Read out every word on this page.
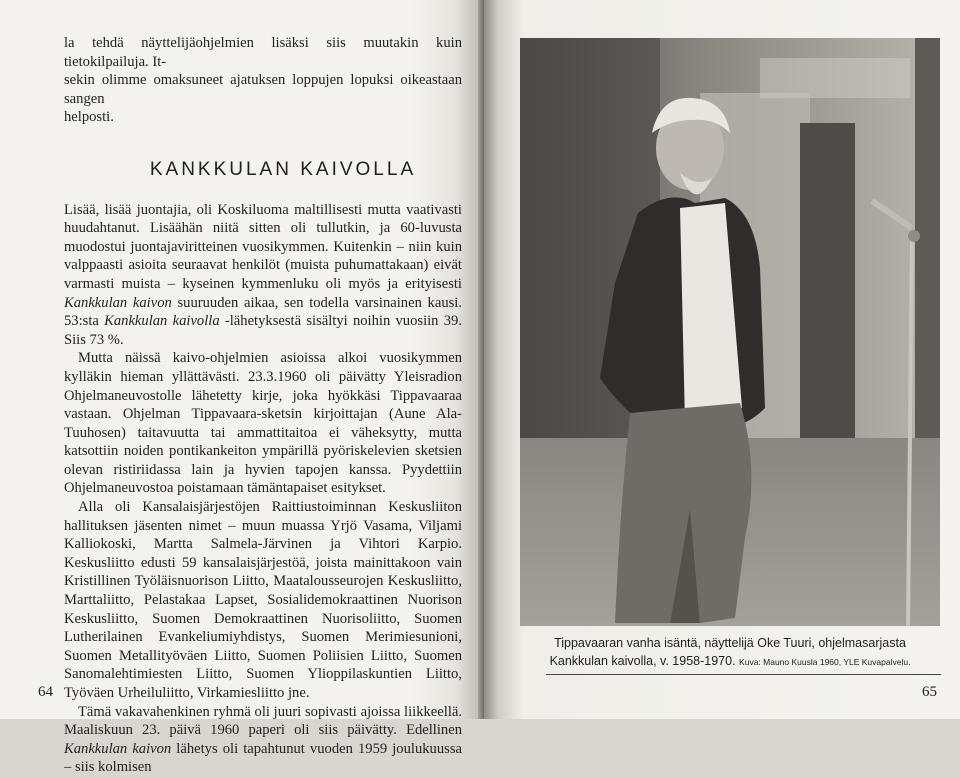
la tehdä näyttelijäohjelmien lisäksi siis muutakin kuin tietokilpailuja. It-

sekin olimme omaksuneet ajatuksen loppujen lopuksi oikeastaan sangen

helposti.

KANKKULAN KAIVOLLA

Lisää, lisää juontajia, oli Koskiluoma maltillisesti mutta vaativasti huudahtanut. Lisäähän niitä sitten oli tullutkin, ja 60-luvusta muodostui juontajaviritteinen vuosikymmen. Kuitenkin – niin kuin valppaasti asioita seuraavat henkilöt (muista puhumattakaan) eivät varmasti muista – kyseinen kymmenluku oli myös ja erityisesti Kankkulan kaivon suuruuden aikaa, sen todella varsinainen kausi. 53:sta Kankkulan kaivolla -lähetyksestä sisältyi noihin vuosiin 39. Siis 73 %.

Mutta näissä kaivo-ohjelmien asioissa alkoi vuosikymmen kylläkin hieman yllättävästi. 23.3.1960 oli päivätty Yleisradion Ohjelmaneuvostolle lähetetty kirje, joka hyökkäsi Tippavaaraa vastaan. Ohjelman Tippavaara-sketsin kirjoittajan (Aune Ala-Tuuhosen) taitavuutta tai ammattitaitoa ei väheksytty, mutta katsottiin noiden pontikankeiton ympärillä pyöriskelevien sketsien olevan ristiriidassa lain ja hyvien tapojen kanssa. Pyydettiin Ohjelmaneuvostoa poistamaan tämäntapaiset esitykset.

Alla oli Kansalaisjärjestöjen Raittiustoiminnan Keskusliiton hallituksen jäsenten nimet – muun muassa Yrjö Vasama, Viljami Kalliokoski, Martta Salmela-Järvinen ja Vihtori Karpio. Keskusliitto edusti 59 kansalaisjärjestöä, joista mainittakoon vain Kristillinen Työläisnuorison Liitto, Maatalousseurojen Keskusliitto, Marttaliitto, Pelastakaa Lapset, Sosialidemokraattinen Nuorison Keskusliitto, Suomen Demokraattinen Nuorisoliitto, Suomen Lutherilainen Evankeliumiyhdistys, Suomen Merimiesunioni, Suomen Metallityöväen Liitto, Suomen Poliisien Liitto, Suomen Sanomalehtimiesten Liitto, Suomen Ylioppilaskuntien Liitto, Työväen Urheiluliitto, Virkamiesliitto jne.

Tämä vakavahenkinen ryhmä oli juuri sopivasti ajoissa liikkeellä. Maaliskuun 23. päivä 1960 paperi oli siis päivätty. Edellinen Kankkulan kaivon lähetys oli tapahtunut vuoden 1959 joulukuussa – siis kolmisen

64
Tippavaaran vanha isäntä, näyttelijä Oke Tuuri, ohjelmasarjasta
Kankkulan kaivolla, v. 1958-1970. Kuva: Mauno Kuusla 1960, YLE Kuvapalvelu.
65
